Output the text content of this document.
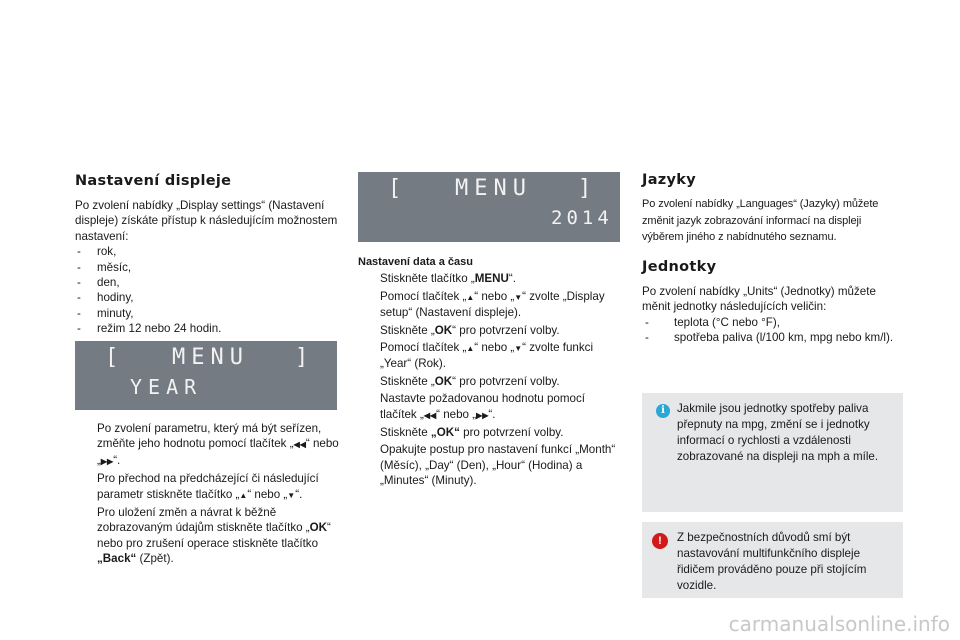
Nastavení displeje

Po zvolení nabídky „Display settings“ (Nastavení displeje) získáte přístup k následujícím možnostem nastavení:

- rok,
- měsíc,
- den,
- hodiny,
- minuty,
- režim 12 nebo 24 hodin.
[ MENU ]
YEAR
Po zvolení parametru, který má být seřízen, změňte jeho hodnotu pomocí tlačítek „◀◀“ nebo „▶▶“.
Pro přechod na předcházející či následující parametr stiskněte tlačítko „▲“ nebo „▼“.
Pro uložení změn a návrat k běžně zobrazovaným údajům stiskněte tlačítko „OK“ nebo pro zrušení operace stiskněte tlačítko „Back“ (Zpět).
[ MENU ]
2014

Nastavení data a času

Stiskněte tlačítko „MENU“.
Pomocí tlačítek „▲“ nebo „▼“ zvolte „Display setup“ (Nastavení displeje).
Stiskněte „OK“ pro potvrzení volby.
Pomocí tlačítek „▲“ nebo „▼“ zvolte funkci „Year“ (Rok).
Stiskněte „OK“ pro potvrzení volby.
Nastavte požadovanou hodnotu pomocí tlačítek „◀◀“ nebo „▶▶“.
Stiskněte „OK“ pro potvrzení volby.
Opakujte postup pro nastavení funkcí „Month“ (Měsíc), „Day“ (Den), „Hour“ (Hodina) a „Minutes“ (Minuty).
Jazyky

Po zvolení nabídky „Languages“ (Jazyky) můžete změnit jazyk zobrazování informací na displeji výběrem jiného z nabídnutého seznamu.

Jednotky

Po zvolení nabídky „Units“ (Jednotky) můžete měnit jednotky následujících veličin:

- teplota (°C nebo °F),
- spotřeba paliva (l/100 km, mpg nebo km/l).
i	Jakmile jsou jednotky spotřeby paliva přepnuty na mpg, změní se i jednotky informací o rychlosti a vzdálenosti zobrazované na displeji na mph a míle.

!	Z bezpečnostních důvodů smí být nastavování multifunkčního displeje řidičem prováděno pouze při stojícím vozidle.

carmanualsonline.info
